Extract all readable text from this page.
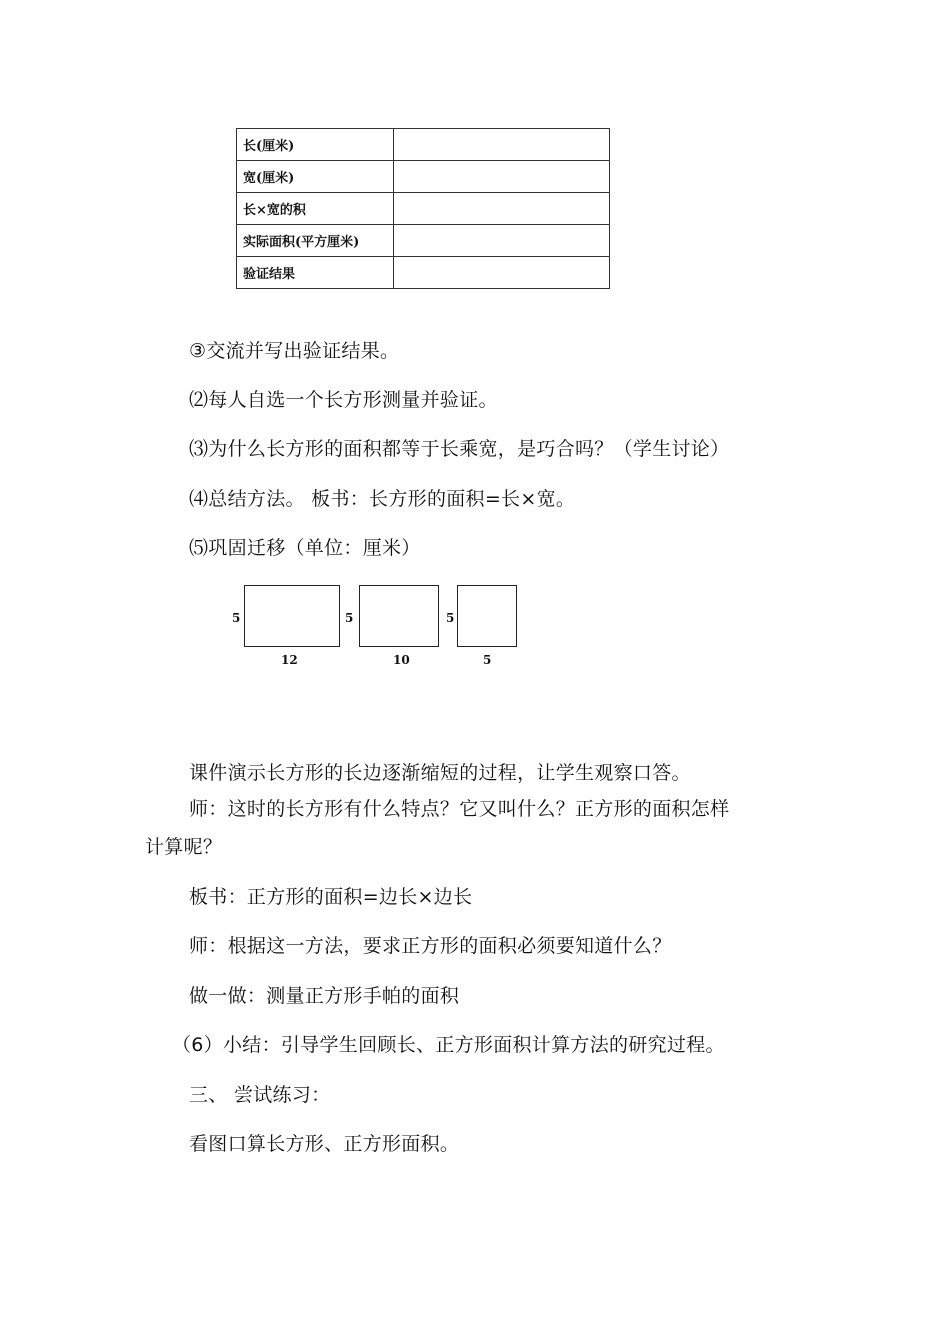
长(厘米)	
宽(厘米)	
长×宽的积	
实际面积(平方厘米)	
验证结果	
③交流并写出验证结果。
⑵每人自选一个长方形测量并验证。
⑶为什么长方形的面积都等于长乘宽，是巧合吗？（学生讨论）
⑷总结方法。 板书：长方形的面积=长×宽。
⑸巩固迁移（单位：厘米）
5
12
5
10
5
5
课件演示长方形的长边逐渐缩短的过程，让学生观察口答。
师：这时的长方形有什么特点？它又叫什么？正方形的面积怎样
计算呢？
板书：正方形的面积=边长×边长
师：根据这一方法，要求正方形的面积必须要知道什么？
做一做：测量正方形手帕的面积
（6）小结：引导学生回顾长、正方形面积计算方法的研究过程。
三、 尝试练习：
看图口算长方形、正方形面积。
